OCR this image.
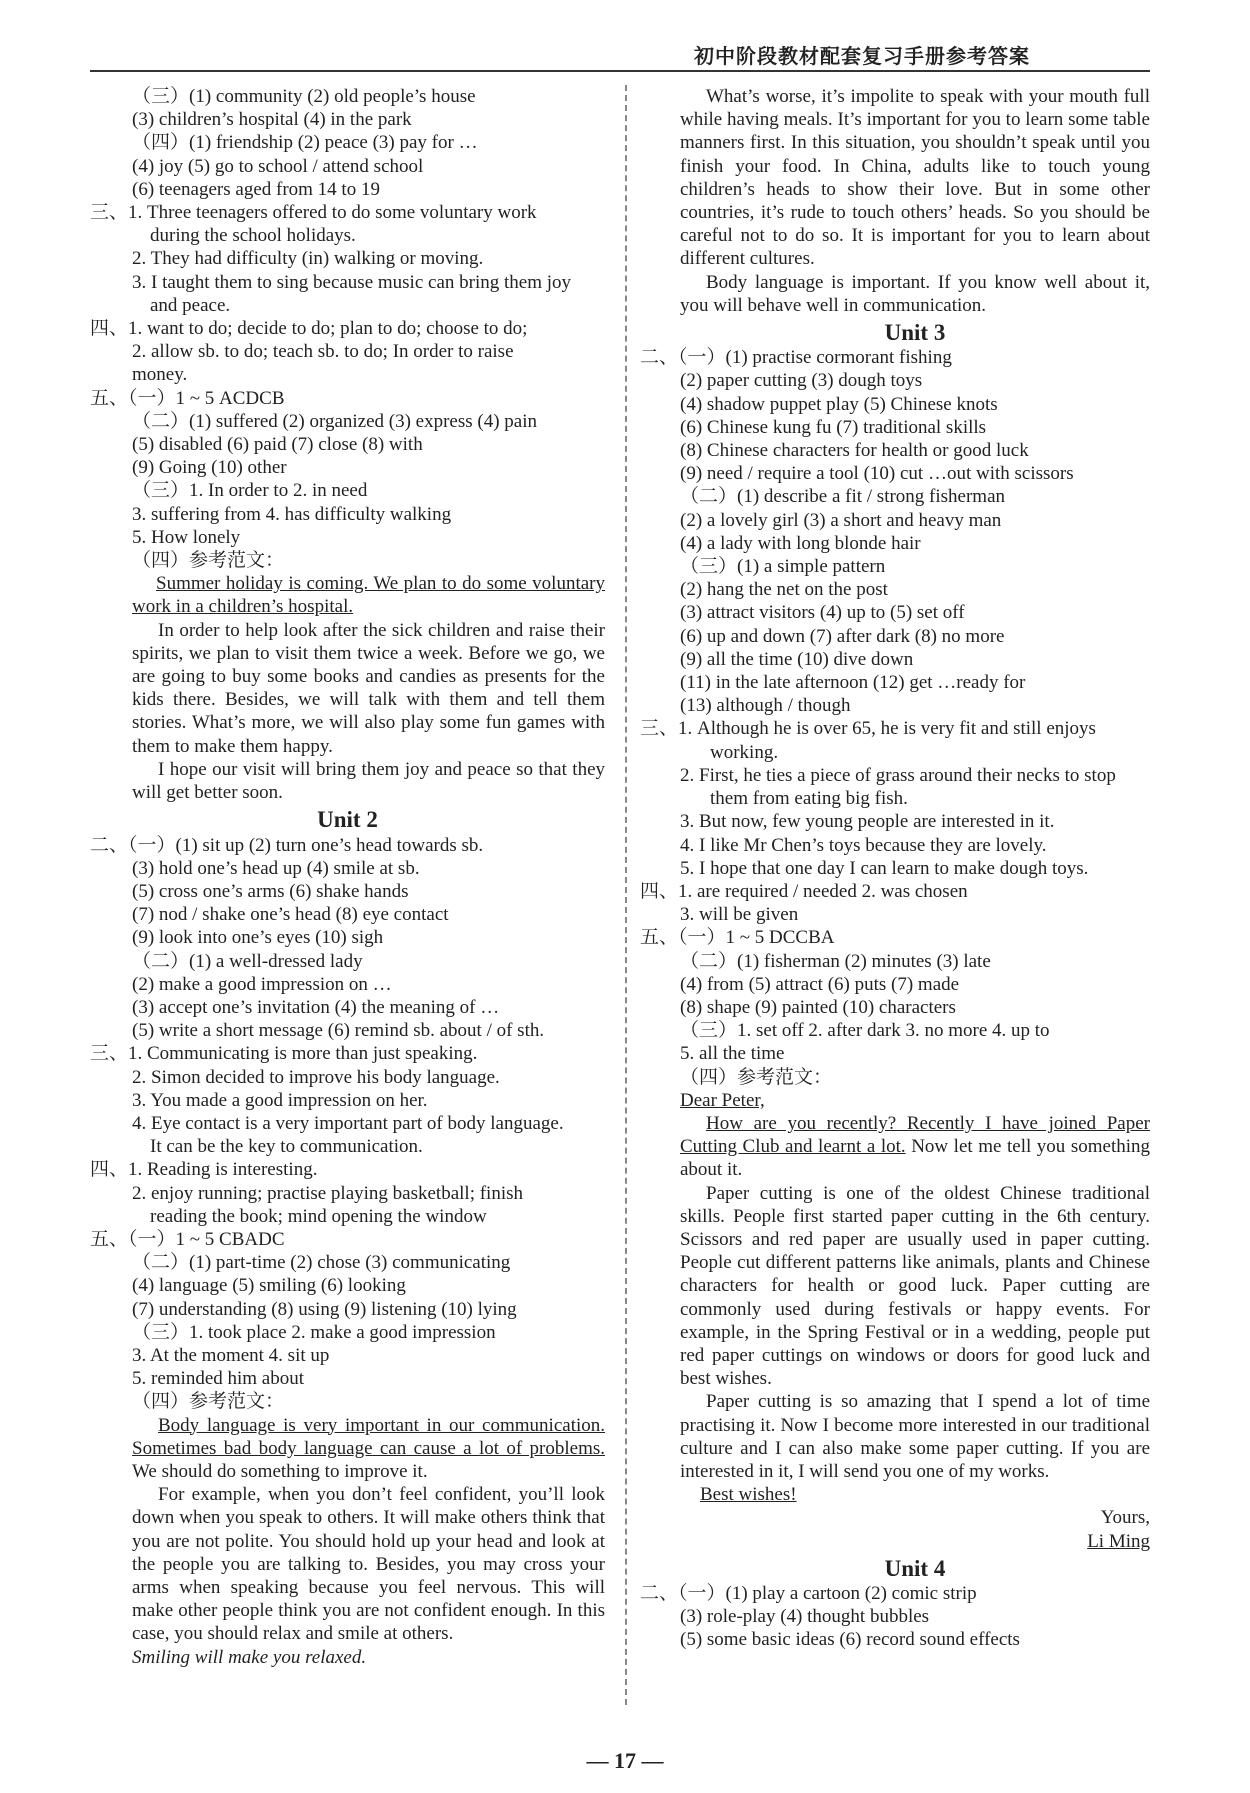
初中阶段教材配套复习手册参考答案
（三）(1) community (2) old people’s house
(3) children’s hospital (4) in the park
（四）(1) friendship (2) peace (3) pay for …
(4) joy (5) go to school / attend school
(6) teenagers aged from 14 to 19
三、1. Three teenagers offered to do some voluntary work
during the school holidays.
2. They had difficulty (in) walking or moving.
3. I taught them to sing because music can bring them joy
and peace.
四、1. want to do; decide to do; plan to do; choose to do;
2. allow sb. to do; teach sb. to do; In order to raise
money.
五、（一）1 ~ 5 ACDCB
（二）(1) suffered (2) organized (3) express (4) pain
(5) disabled (6) paid (7) close (8) with
(9) Going (10) other
（三）1. In order to 2. in need
3. suffering from 4. has difficulty walking
5. How lonely
（四）参考范文：
Summer holiday is coming. We plan to do some voluntary work in a children’s hospital.
In order to help look after the sick children and raise their spirits, we plan to visit them twice a week. Before we go, we are going to buy some books and candies as presents for the kids there. Besides, we will talk with them and tell them stories. What’s more, we will also play some fun games with them to make them happy.
I hope our visit will bring them joy and peace so that they will get better soon.
Unit 2
二、（一）(1) sit up (2) turn one’s head towards sb.
(3) hold one’s head up (4) smile at sb.
(5) cross one’s arms (6) shake hands
(7) nod / shake one’s head (8) eye contact
(9) look into one’s eyes (10) sigh
（二）(1) a well-dressed lady
(2) make a good impression on …
(3) accept one’s invitation (4) the meaning of …
(5) write a short message (6) remind sb. about / of sth.
三、1. Communicating is more than just speaking.
2. Simon decided to improve his body language.
3. You made a good impression on her.
4. Eye contact is a very important part of body language.
It can be the key to communication.
四、1. Reading is interesting.
2. enjoy running; practise playing basketball; finish
reading the book; mind opening the window
五、（一）1 ~ 5 CBADC
（二）(1) part-time (2) chose (3) communicating
(4) language (5) smiling (6) looking
(7) understanding (8) using (9) listening (10) lying
（三）1. took place 2. make a good impression
3. At the moment 4. sit up
5. reminded him about
（四）参考范文：
Body language is very important in our communication. Sometimes bad body language can cause a lot of problems. We should do something to improve it.
For example, when you don’t feel confident, you’ll look down when you speak to others. It will make others think that you are not polite. You should hold up your head and look at the people you are talking to. Besides, you may cross your arms when speaking because you feel nervous. This will make other people think you are not confident enough. In this case, you should relax and smile at others.
Smiling will make you relaxed.
What’s worse, it’s impolite to speak with your mouth full while having meals. It’s important for you to learn some table manners first. In this situation, you shouldn’t speak until you finish your food. In China, adults like to touch young children’s heads to show their love. But in some other countries, it’s rude to touch others’ heads. So you should be careful not to do so. It is important for you to learn about different cultures.
Body language is important. If you know well about it, you will behave well in communication.
Unit 3
二、（一）(1) practise cormorant fishing
(2) paper cutting (3) dough toys
(4) shadow puppet play (5) Chinese knots
(6) Chinese kung fu (7) traditional skills
(8) Chinese characters for health or good luck
(9) need / require a tool (10) cut …out with scissors
（二）(1) describe a fit / strong fisherman
(2) a lovely girl (3) a short and heavy man
(4) a lady with long blonde hair
（三）(1) a simple pattern
(2) hang the net on the post
(3) attract visitors (4) up to (5) set off
(6) up and down (7) after dark (8) no more
(9) all the time (10) dive down
(11) in the late afternoon (12) get …ready for
(13) although / though
三、1. Although he is over 65, he is very fit and still enjoys
working.
2. First, he ties a piece of grass around their necks to stop
them from eating big fish.
3. But now, few young people are interested in it.
4. I like Mr Chen’s toys because they are lovely.
5. I hope that one day I can learn to make dough toys.
四、1. are required / needed 2. was chosen
3. will be given
五、（一）1 ~ 5 DCCBA
（二）(1) fisherman (2) minutes (3) late
(4) from (5) attract (6) puts (7) made
(8) shape (9) painted (10) characters
（三）1. set off 2. after dark 3. no more 4. up to
5. all the time
（四）参考范文：
Dear Peter,
How are you recently? Recently I have joined Paper Cutting Club and learnt a lot. Now let me tell you something about it.
Paper cutting is one of the oldest Chinese traditional skills. People first started paper cutting in the 6th century. Scissors and red paper are usually used in paper cutting. People cut different patterns like animals, plants and Chinese characters for health or good luck. Paper cutting are commonly used during festivals or happy events. For example, in the Spring Festival or in a wedding, people put red paper cuttings on windows or doors for good luck and best wishes.
Paper cutting is so amazing that I spend a lot of time practising it. Now I become more interested in our traditional culture and I can also make some paper cutting. If you are interested in it, I will send you one of my works.
Best wishes!
Yours,
Li Ming
Unit 4
二、（一）(1) play a cartoon (2) comic strip
(3) role-play (4) thought bubbles
(5) some basic ideas (6) record sound effects
— 17 —
